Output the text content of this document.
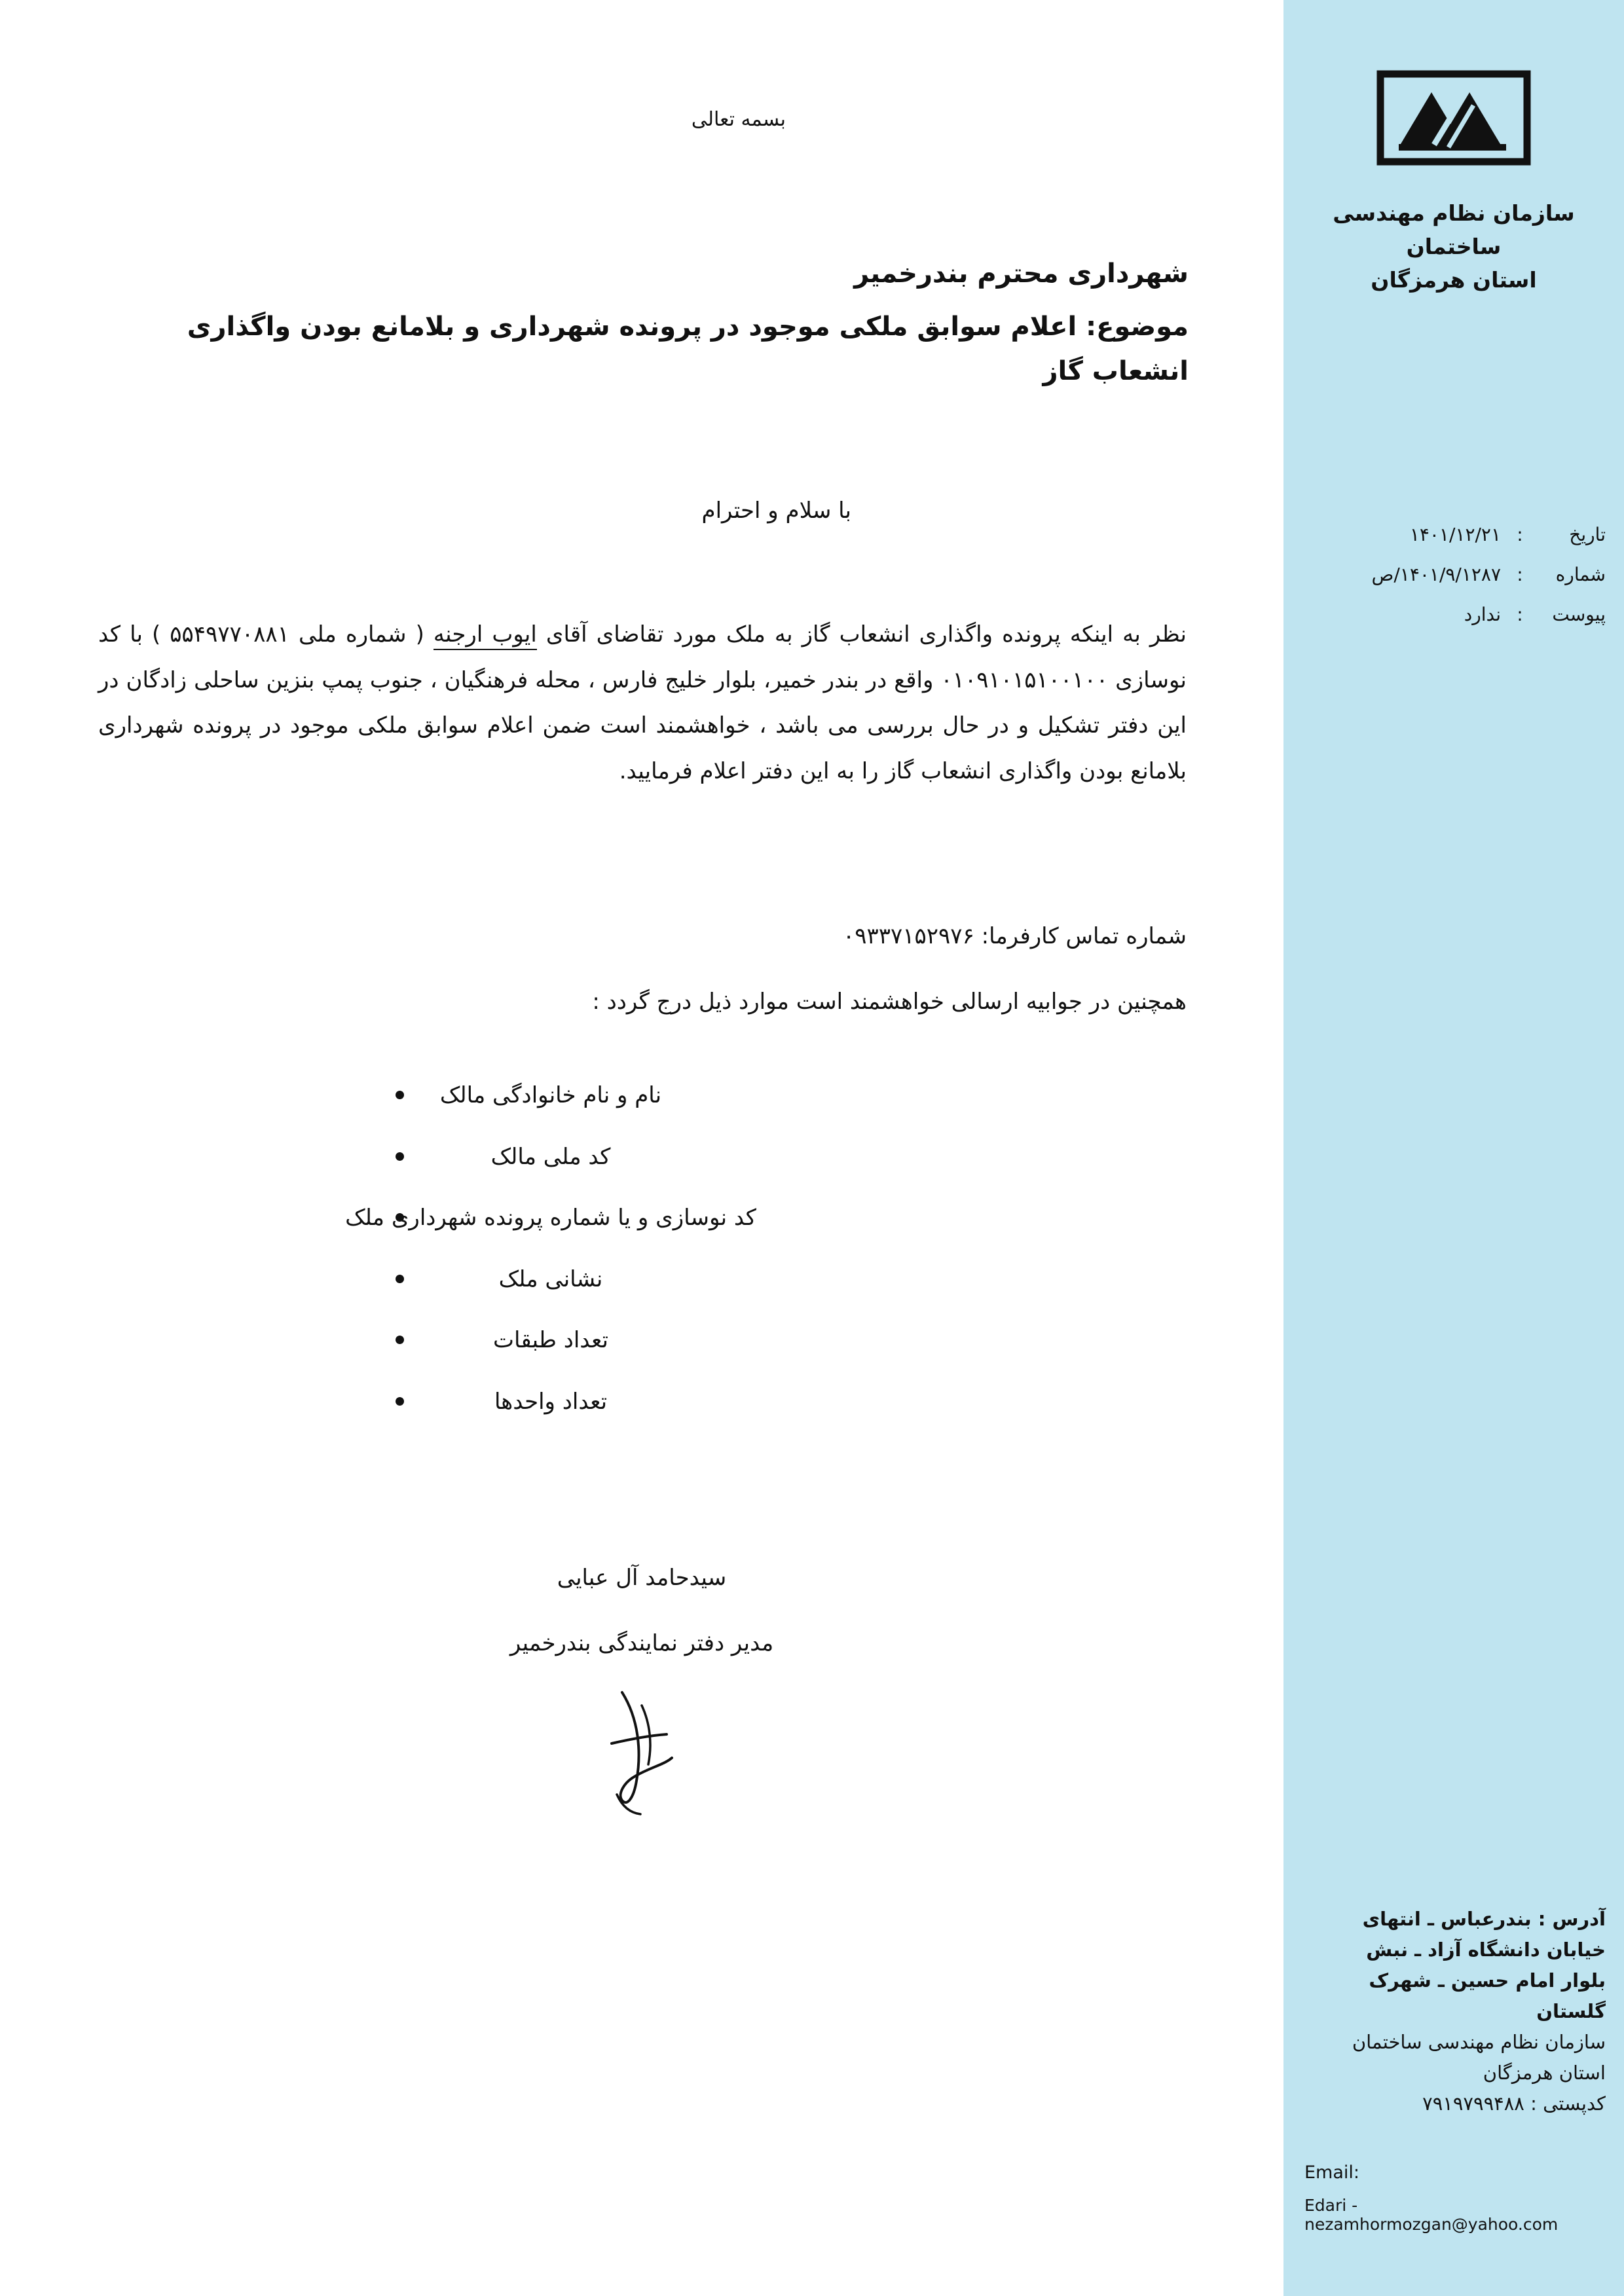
بسمه تعالی
شهرداری محترم بندرخمیر
موضوع: اعلام سوابق ملکی موجود در پرونده شهرداری و بلامانع بودن واگذاری انشعاب گاز
با سلام و احترام
نظر به اینکه پرونده واگذاری انشعاب گاز به ملک مورد تقاضای آقای ایوب ارجنه ( شماره ملی ۵۵۴۹۷۷۰۸۸۱ ) با کد نوسازی ۰۱۰۹۱۰۱۵۱۰۰۱۰۰ واقع در بندر خمیر، بلوار خلیج فارس ، محله فرهنگیان ، جنوب پمپ بنزین ساحلی زادگان در این دفتر تشکیل و در حال بررسی می باشد ، خواهشمند است ضمن اعلام سوابق ملکی موجود در پرونده شهرداری بلامانع بودن واگذاری انشعاب گاز را به این دفتر اعلام فرمایید.
شماره تماس کارفرما: ۰۹۳۳۷۱۵۲۹۷۶
همچنین در جوابیه ارسالی خواهشمند است موارد ذیل درج گردد :
نام و نام خانوادگی مالک
کد ملی مالک
کد نوسازی و یا شماره پرونده شهرداری ملک
نشانی ملک
تعداد طبقات
تعداد واحدها
سیدحامد آل عبایی
مدیر دفتر نمایندگی بندرخمیر
سازمان نظام مهندسی ساختمان
استان هرمزگان
تاریخ
:
۱۴۰۱/۱۲/۲۱
شماره
:
۱۴۰۱/۹/۱۲۸۷/ص
پیوست
:
ندارد
آدرس : بندرعباس ـ انتهای
خیابان دانشگاه آزاد ـ نبش
بلوار امام حسین ـ شهرک
گلستان
سازمان نظام مهندسی ساختمان
استان هرمزگان
کدپستی : ۷۹۱۹۷۹۹۴۸۸
Email:
Edari - nezamhormozgan@yahoo.com
